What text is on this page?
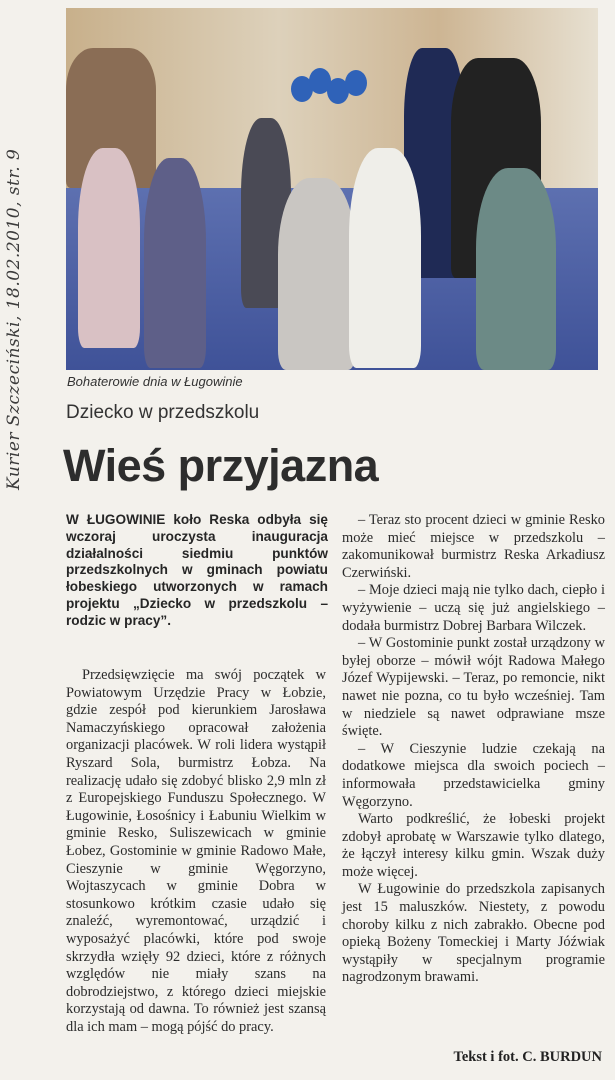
Kurier Szczeciński, 18.02.2010, str. 9	Bohaterowie dnia w Ługowinie
Dziecko w przedszkolu
Wieś przyjazna
W ŁUGOWINIE koło Reska odbyła się wczoraj uroczysta inauguracja działalności siedmiu punktów przedszkolnych w gminach powiatu łobeskiego utworzonych w ramach projektu „Dziecko w przedszkolu – rodzic w pracy”.

Przedsięwzięcie ma swój początek w Powiatowym Urzędzie Pracy w Łobzie, gdzie zespół pod kierunkiem Jarosława Namaczyńskiego opracował założenia organizacji placówek. W roli lidera wystąpił Ryszard Sola, burmistrz Łobza. Na realizację udało się zdobyć blisko 2,9 mln zł z Europejskiego Funduszu Społecznego. W Ługowinie, Łosośnicy i Łabuniu Wielkim w gminie Resko, Suliszewicach w gminie Łobez, Gostominie w gminie Radowo Małe, Cieszynie w gminie Węgorzyno, Wojtaszycach w gminie Dobra w stosunkowo krótkim czasie udało się znaleźć, wyremontować, urządzić i wyposażyć placówki, które pod swoje skrzydła wzięły 92 dzieci, które z różnych względów nie miały szans na dobrodziejstwo, z którego dzieci miejskie korzystają od dawna. To również jest szansą dla ich mam – mogą pójść do pracy.

– Teraz sto procent dzieci w gminie Resko może mieć miejsce w przedszkolu – zakomunikował burmistrz Reska Arkadiusz Czerwiński.

– Moje dzieci mają nie tylko dach, ciepło i wyżywienie – uczą się już angielskiego – dodała burmistrz Dobrej Barbara Wilczek.

– W Gostominie punkt został urządzony w byłej oborze – mówił wójt Radowa Małego Józef Wypijewski. – Teraz, po remoncie, nikt nawet nie pozna, co tu było wcześniej. Tam w niedziele są nawet odprawiane msze święte.

– W Cieszynie ludzie czekają na dodatkowe miejsca dla swoich pociech – informowała przedstawicielka gminy Węgorzyno.

Warto podkreślić, że łobeski projekt zdobył aprobatę w Warszawie tylko dlatego, że łączył interesy kilku gmin. Wszak duży może więcej.

W Ługowinie do przedszkola zapisanych jest 15 maluszków. Niestety, z powodu choroby kilku z nich zabrakło. Obecne pod opieką Bożeny Tomeckiej i Marty Jóźwiak wystąpiły w specjalnym programie nagrodzonym brawami.

Tekst i fot. C. BURDUN
